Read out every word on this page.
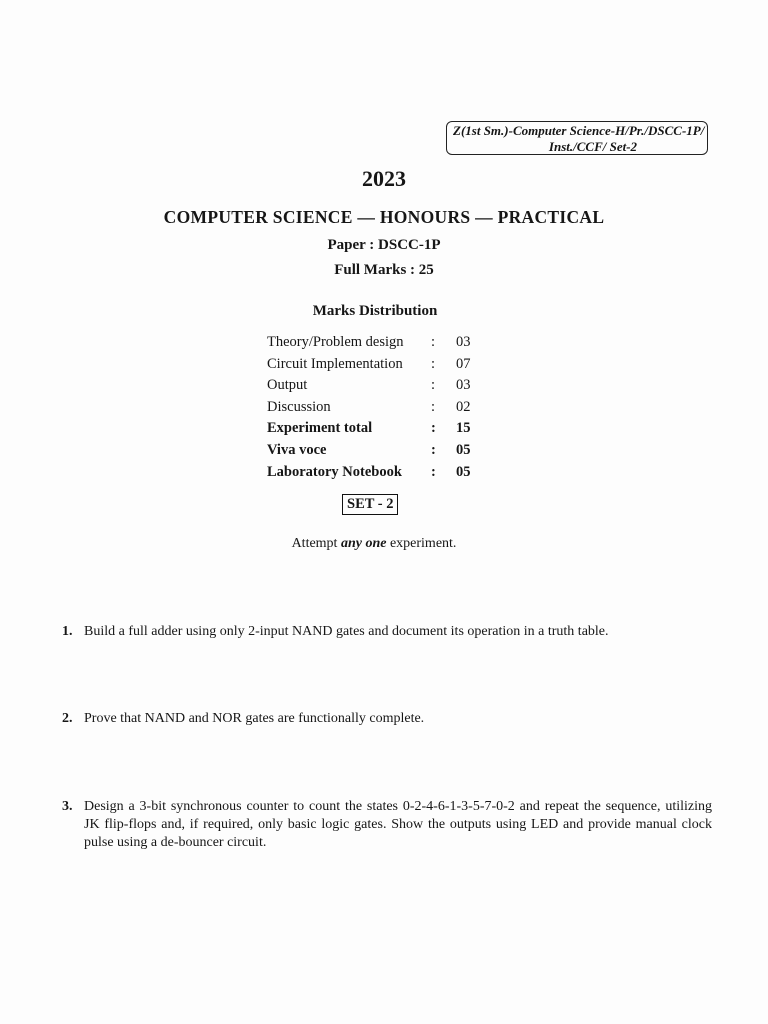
Z(1st Sm.)-Computer Science-H/Pr./DSCC-1P/
Inst./CCF/ Set-2
2023
COMPUTER SCIENCE — HONOURS — PRACTICAL
Paper : DSCC-1P
Full Marks : 25
Marks Distribution
Theory/Problem design : 03
Circuit Implementation : 07
Output	: 03
Discussion	: 02
Experiment total	: 15
Viva voce	: 05
Laboratory Notebook : 05
SET - 2
Attempt any one experiment.
1. Build a full adder using only 2-input NAND gates and document its operation in a truth table.
2. Prove that NAND and NOR gates are functionally complete.
3. Design a 3-bit synchronous counter to count the states 0-2-4-6-1-3-5-7-0-2 and repeat the sequence, utilizing JK flip-flops and, if required, only basic logic gates. Show the outputs using LED and provide manual clock pulse using a de-bouncer circuit.
